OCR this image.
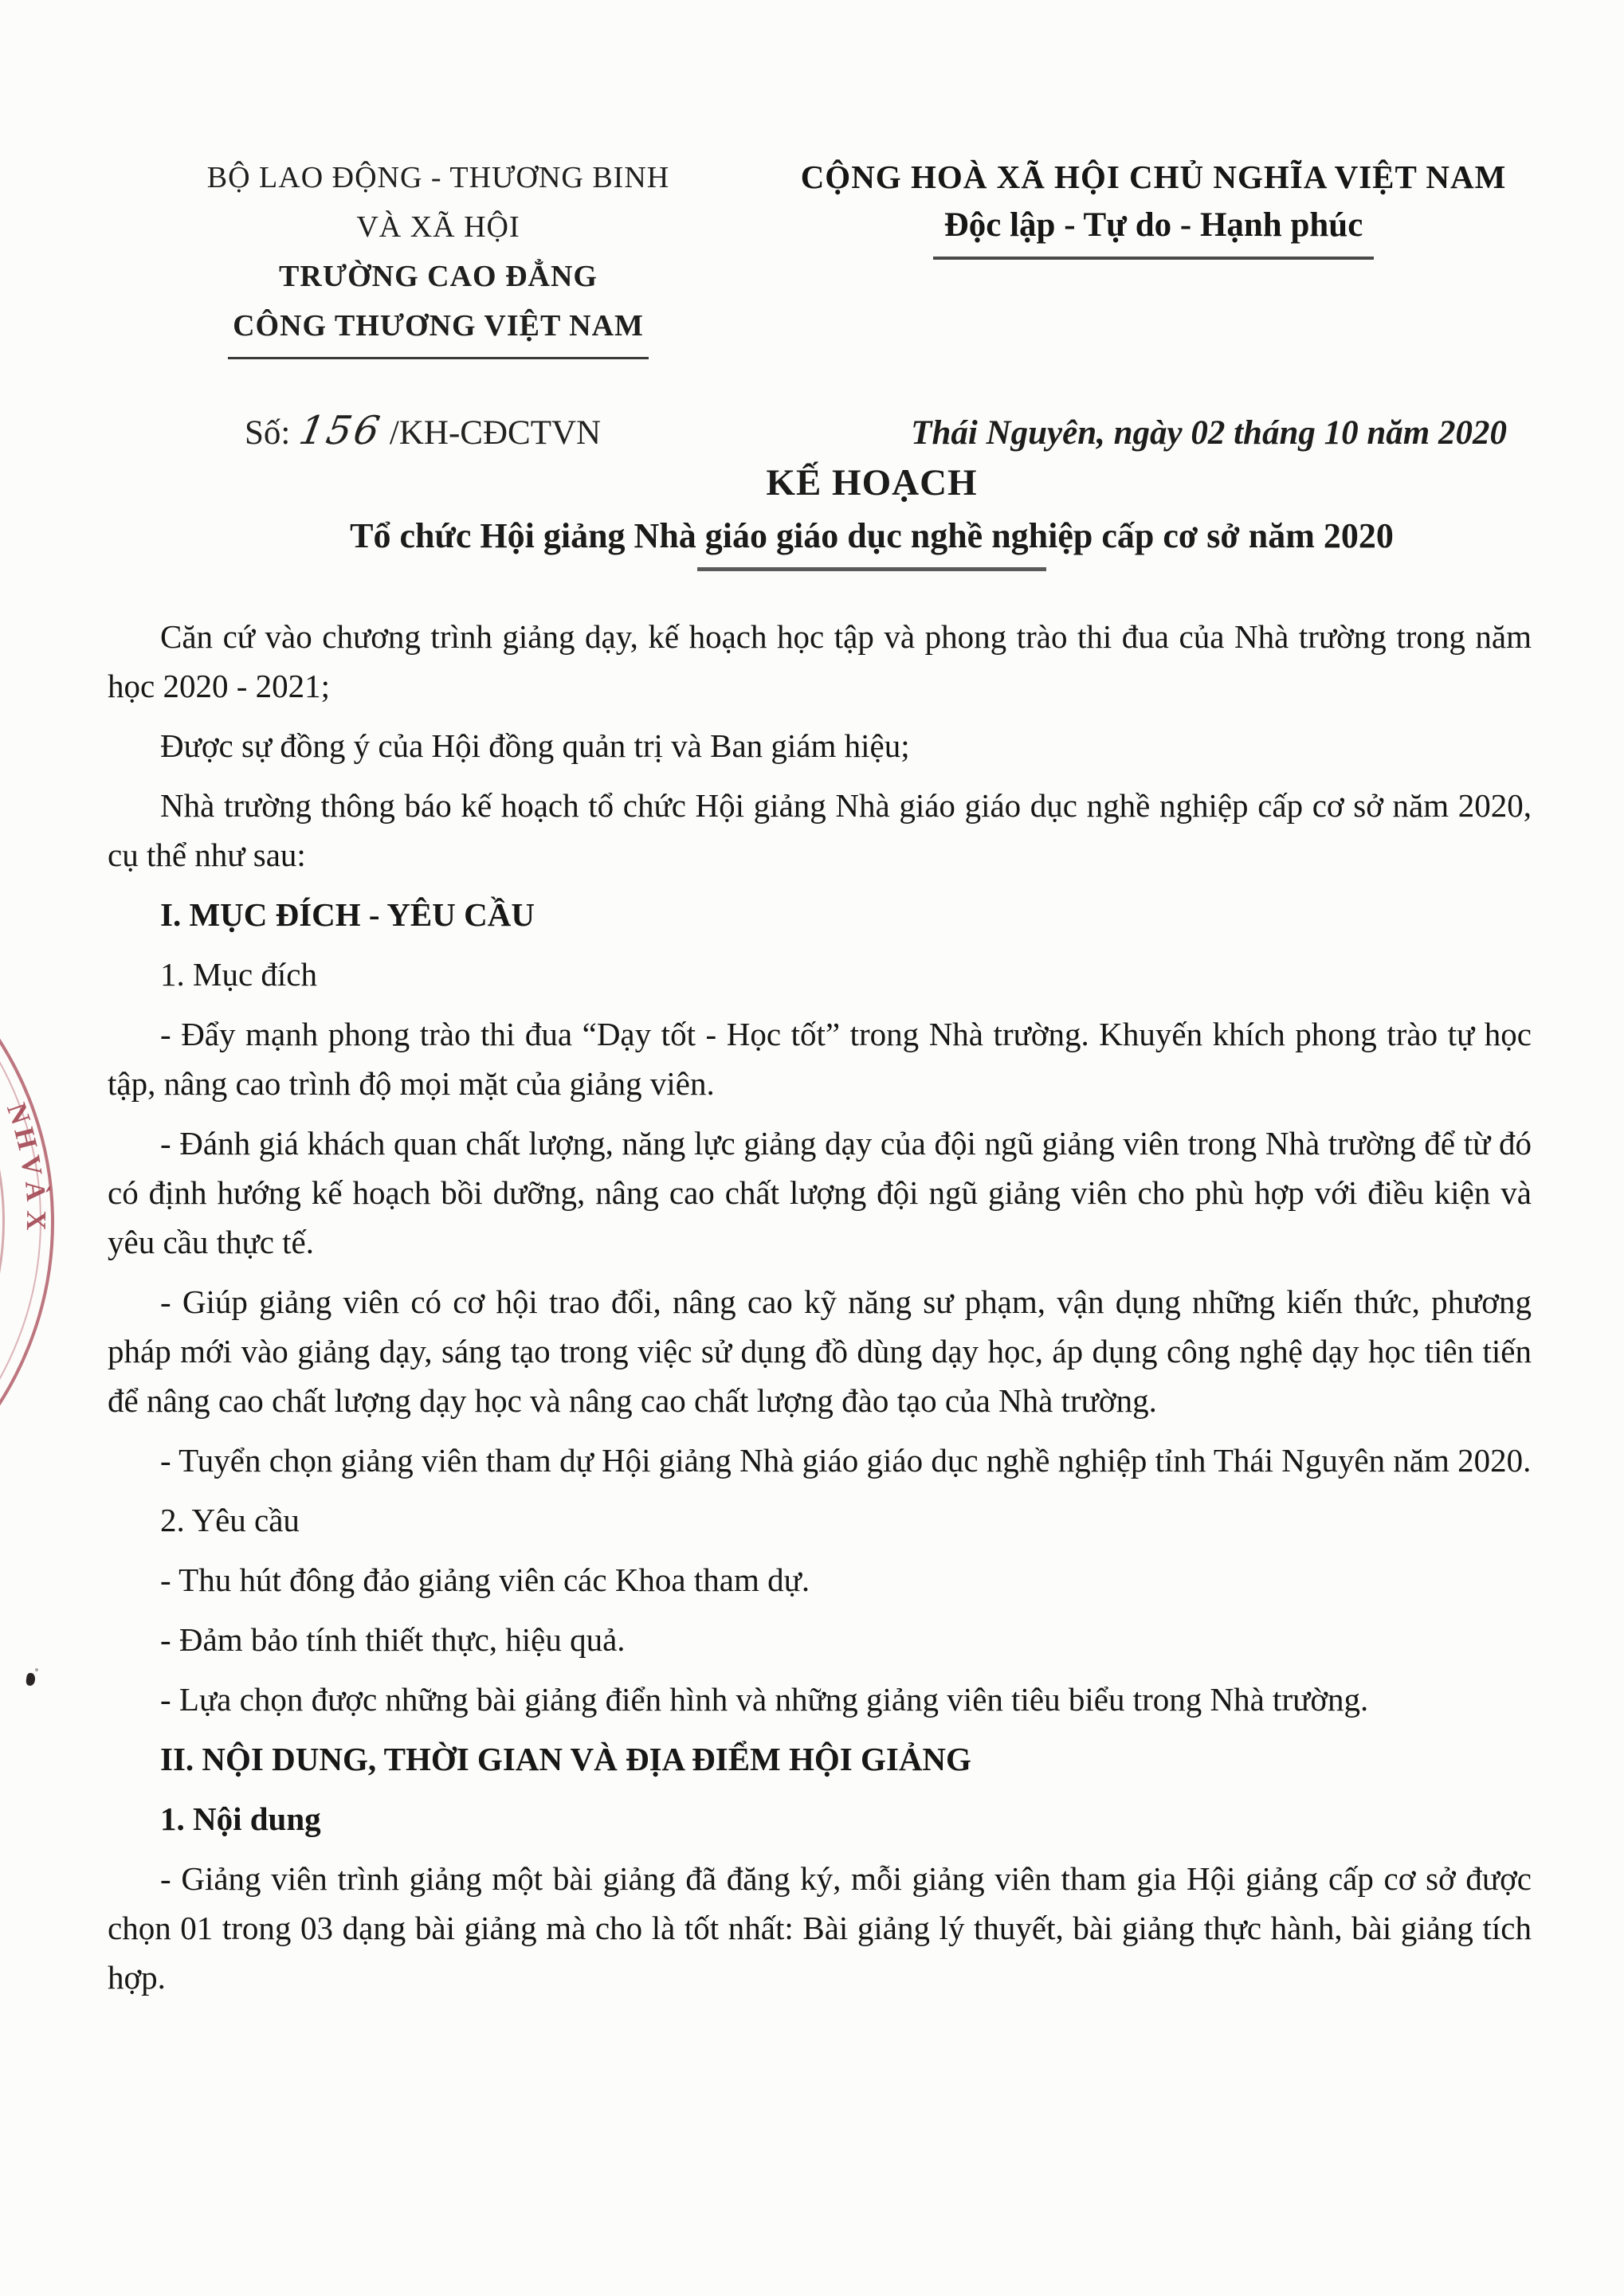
BỘ LAO ĐỘNG - THƯƠNG BINH
VÀ XÃ HỘI
TRƯỜNG CAO ĐẲNG
CÔNG THƯƠNG VIỆT NAM
CỘNG HOÀ XÃ HỘI CHỦ NGHĨA VIỆT NAM
Độc lập - Tự do - Hạnh phúc
Số: 156 /KH-CĐCTVN	Thái Nguyên, ngày 02 tháng 10 năm 2020
KẾ HOẠCH
Tổ chức Hội giảng Nhà giáo giáo dục nghề nghiệp cấp cơ sở năm 2020
Căn cứ vào chương trình giảng dạy, kế hoạch học tập và phong trào thi đua của Nhà trường trong năm học 2020 - 2021;
Được sự đồng ý của Hội đồng quản trị và Ban giám hiệu;
Nhà trường thông báo kế hoạch tổ chức Hội giảng Nhà giáo giáo dục nghề nghiệp cấp cơ sở năm 2020, cụ thể như sau:
I. MỤC ĐÍCH - YÊU CẦU
1. Mục đích
- Đẩy mạnh phong trào thi đua “Dạy tốt - Học tốt” trong Nhà trường. Khuyến khích phong trào tự học tập, nâng cao trình độ mọi mặt của giảng viên.
- Đánh giá khách quan chất lượng, năng lực giảng dạy của đội ngũ giảng viên trong Nhà trường để từ đó có định hướng kế hoạch bồi dưỡng, nâng cao chất lượng đội ngũ giảng viên cho phù hợp với điều kiện và yêu cầu thực tế.
- Giúp giảng viên có cơ hội trao đổi, nâng cao kỹ năng sư phạm, vận dụng những kiến thức, phương pháp mới vào giảng dạy, sáng tạo trong việc sử dụng đồ dùng dạy học, áp dụng công nghệ dạy học tiên tiến để nâng cao chất lượng dạy học và nâng cao chất lượng đào tạo của Nhà trường.
- Tuyển chọn giảng viên tham dự Hội giảng Nhà giáo giáo dục nghề nghiệp tỉnh Thái Nguyên năm 2020.
2. Yêu cầu
- Thu hút đông đảo giảng viên các Khoa tham dự.
- Đảm bảo tính thiết thực, hiệu quả.
- Lựa chọn được những bài giảng điển hình và những giảng viên tiêu biểu trong Nhà trường.
II. NỘI DUNG, THỜI GIAN VÀ ĐỊA ĐIỂM HỘI GIẢNG
1. Nội dung
- Giảng viên trình giảng một bài giảng đã đăng ký, mỗi giảng viên tham gia Hội giảng cấp cơ sở được chọn 01 trong 03 dạng bài giảng mà cho là tốt nhất: Bài giảng lý thuyết, bài giảng thực hành, bài giảng tích hợp.
N
H
V
À
X
